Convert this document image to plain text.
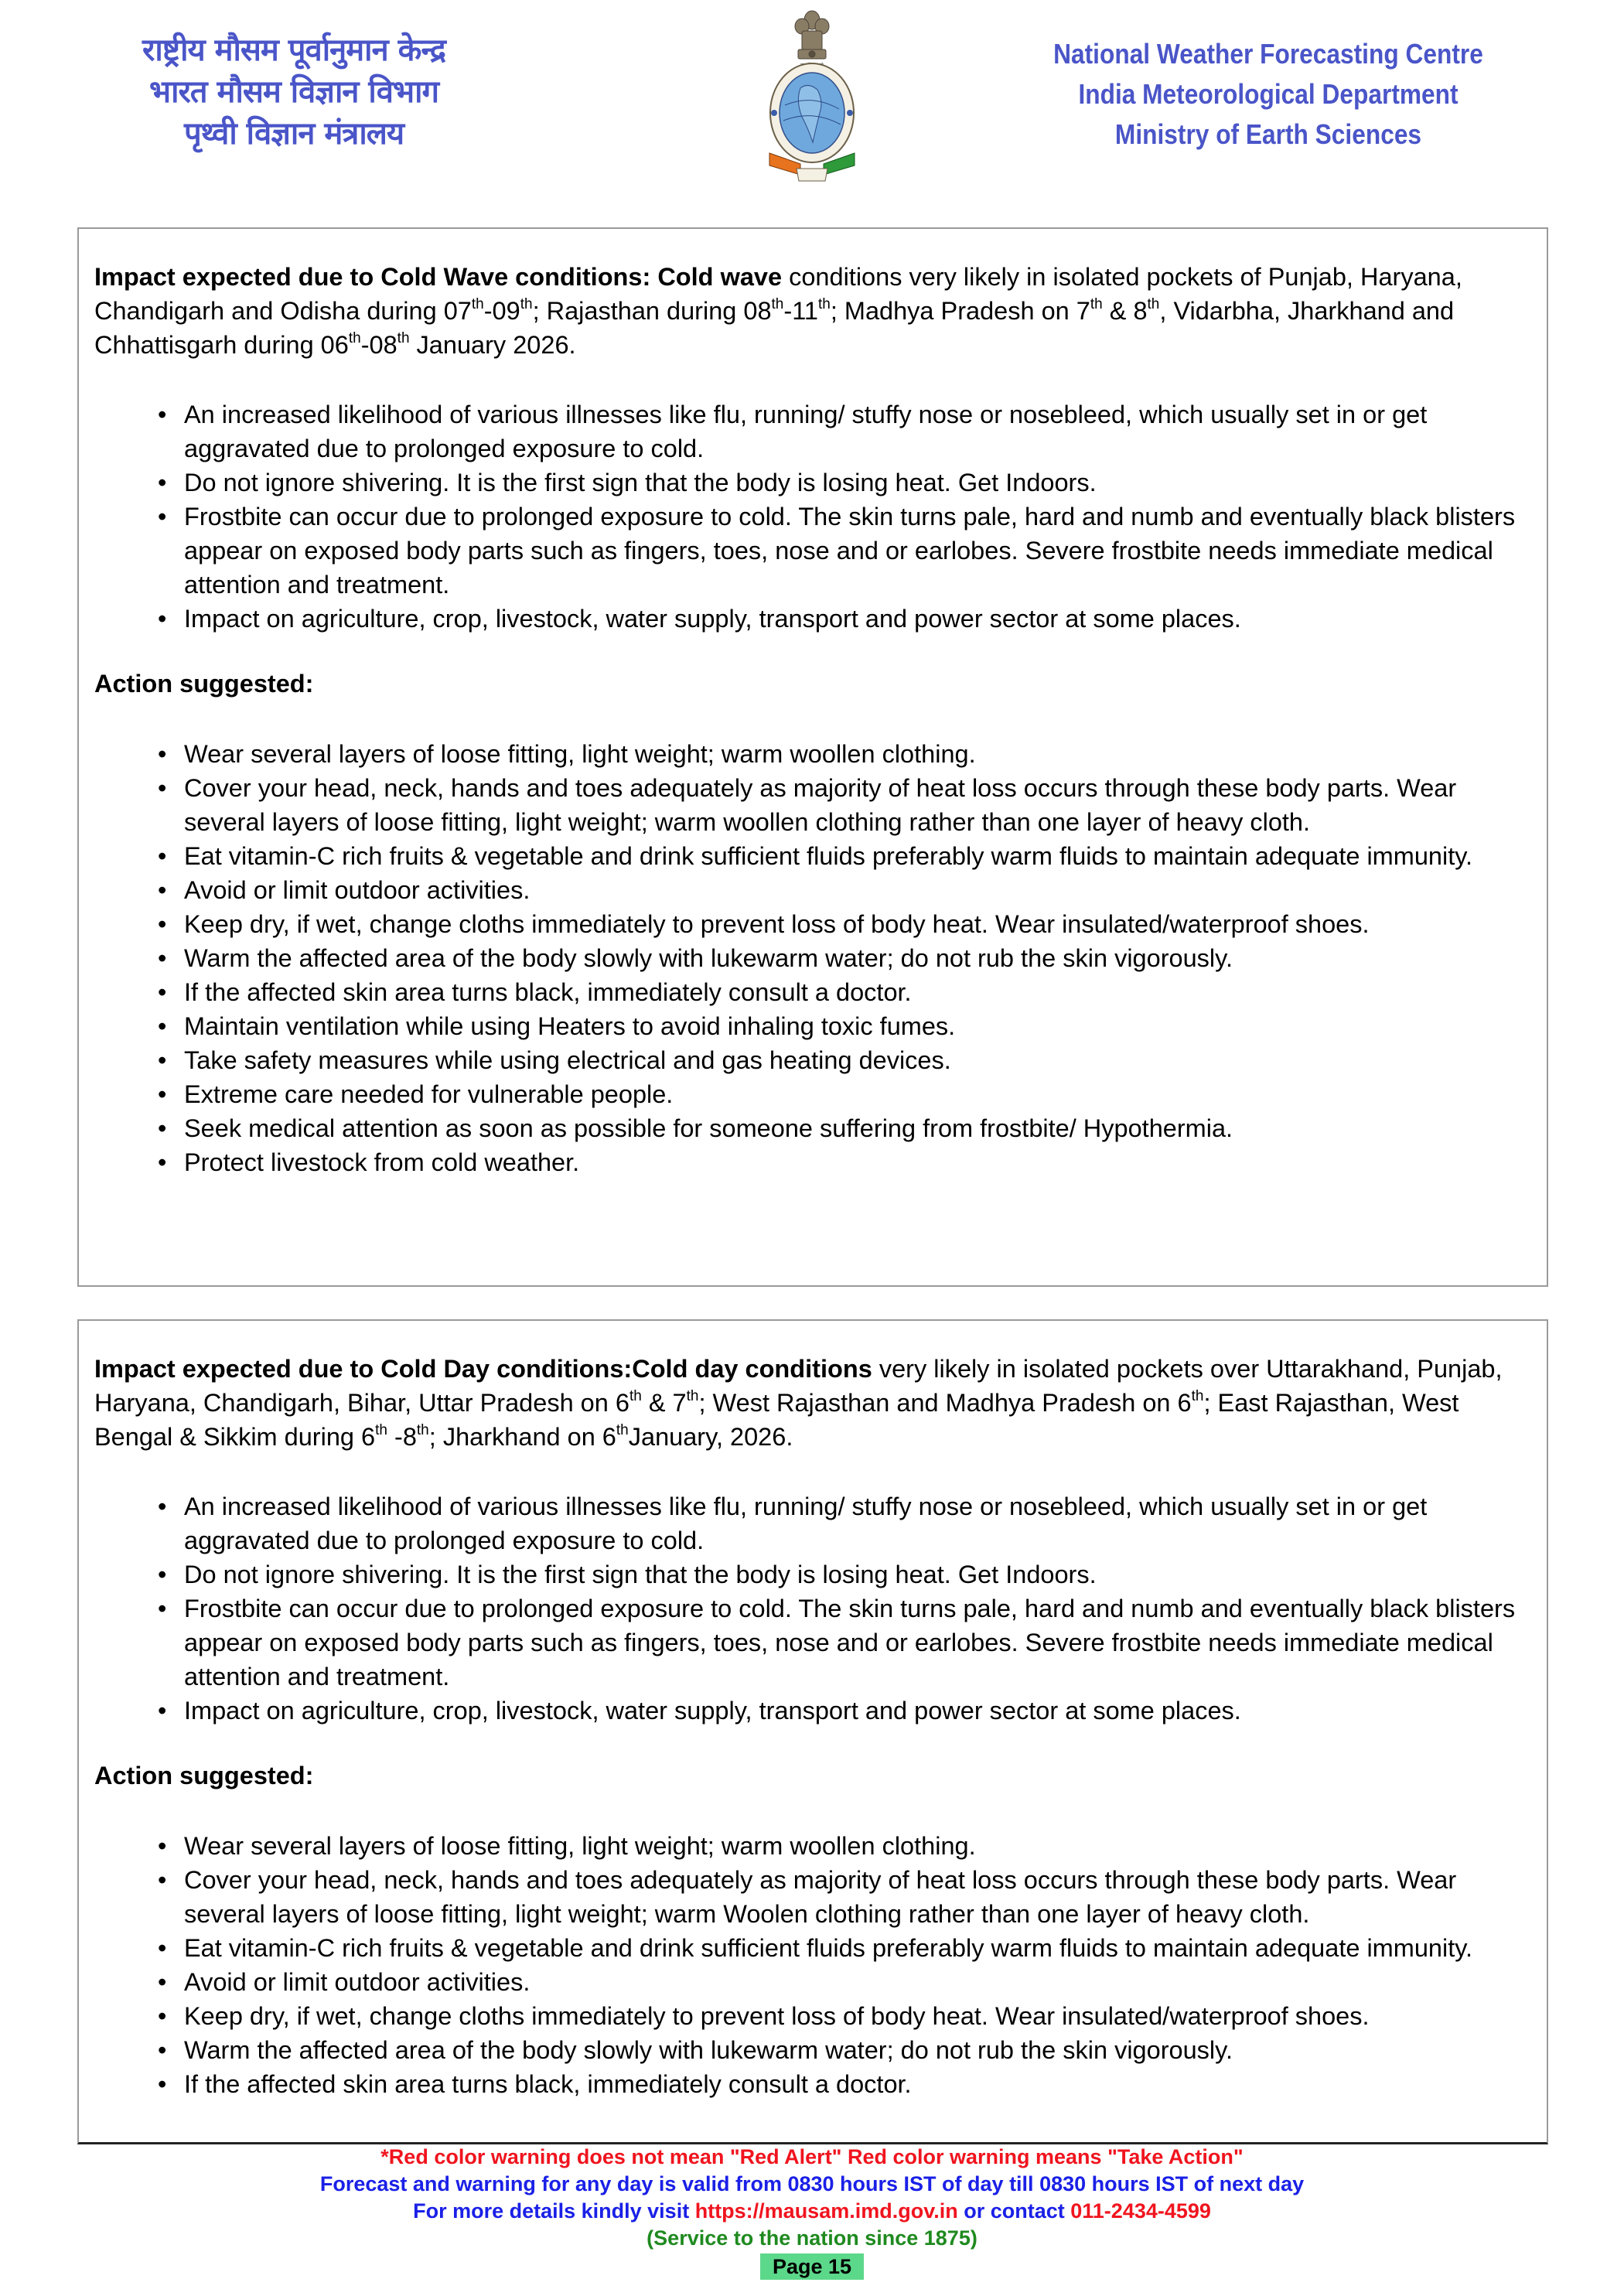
राष्ट्रीय मौसम पूर्वानुमान केन्द्र
भारत मौसम विज्ञान विभाग
पृथ्वी विज्ञान मंत्रालय
National Weather Forecasting Centre
India Meteorological Department
Ministry of Earth Sciences
Impact expected due to Cold Wave conditions: Cold wave conditions very likely in isolated pockets of Punjab, Haryana, Chandigarh and Odisha during 07th-09th; Rajasthan during 08th-11th; Madhya Pradesh on 7th & 8th, Vidarbha, Jharkhand and Chhattisgarh during 06th-08th January 2026.
• An increased likelihood of various illnesses like flu, running/ stuffy nose or nosebleed, which usually set in or get aggravated due to prolonged exposure to cold.
• Do not ignore shivering. It is the first sign that the body is losing heat. Get Indoors.
• Frostbite can occur due to prolonged exposure to cold. The skin turns pale, hard and numb and eventually black blisters appear on exposed body parts such as fingers, toes, nose and or earlobes. Severe frostbite needs immediate medical attention and treatment.
• Impact on agriculture, crop, livestock, water supply, transport and power sector at some places.
Action suggested:
• Wear several layers of loose fitting, light weight; warm woollen clothing.
• Cover your head, neck, hands and toes adequately as majority of heat loss occurs through these body parts. Wear several layers of loose fitting, light weight; warm woollen clothing rather than one layer of heavy cloth.
• Eat vitamin-C rich fruits & vegetable and drink sufficient fluids preferably warm fluids to maintain adequate immunity.
• Avoid or limit outdoor activities.
• Keep dry, if wet, change cloths immediately to prevent loss of body heat. Wear insulated/waterproof shoes.
• Warm the affected area of the body slowly with lukewarm water; do not rub the skin vigorously.
• If the affected skin area turns black, immediately consult a doctor.
• Maintain ventilation while using Heaters to avoid inhaling toxic fumes.
• Take safety measures while using electrical and gas heating devices.
• Extreme care needed for vulnerable people.
• Seek medical attention as soon as possible for someone suffering from frostbite/ Hypothermia.
• Protect livestock from cold weather.
Impact expected due to Cold Day conditions:Cold day conditions very likely in isolated pockets over Uttarakhand, Punjab, Haryana, Chandigarh, Bihar, Uttar Pradesh on 6th & 7th; West Rajasthan and Madhya Pradesh on 6th; East Rajasthan, West Bengal & Sikkim during 6th -8th; Jharkhand on 6thJanuary, 2026.
• An increased likelihood of various illnesses like flu, running/ stuffy nose or nosebleed, which usually set in or get aggravated due to prolonged exposure to cold.
• Do not ignore shivering. It is the first sign that the body is losing heat. Get Indoors.
• Frostbite can occur due to prolonged exposure to cold. The skin turns pale, hard and numb and eventually black blisters appear on exposed body parts such as fingers, toes, nose and or earlobes. Severe frostbite needs immediate medical attention and treatment.
• Impact on agriculture, crop, livestock, water supply, transport and power sector at some places.
Action suggested:
• Wear several layers of loose fitting, light weight; warm woollen clothing.
• Cover your head, neck, hands and toes adequately as majority of heat loss occurs through these body parts. Wear several layers of loose fitting, light weight; warm Woolen clothing rather than one layer of heavy cloth.
• Eat vitamin-C rich fruits & vegetable and drink sufficient fluids preferably warm fluids to maintain adequate immunity.
• Avoid or limit outdoor activities.
• Keep dry, if wet, change cloths immediately to prevent loss of body heat. Wear insulated/waterproof shoes.
• Warm the affected area of the body slowly with lukewarm water; do not rub the skin vigorously.
• If the affected skin area turns black, immediately consult a doctor.
*Red color warning does not mean "Red Alert" Red color warning means "Take Action"
Forecast and warning for any day is valid from 0830 hours IST of day till 0830 hours IST of next day
For more details kindly visit https://mausam.imd.gov.in or contact 011-2434-4599
(Service to the nation since 1875)
Page 15
